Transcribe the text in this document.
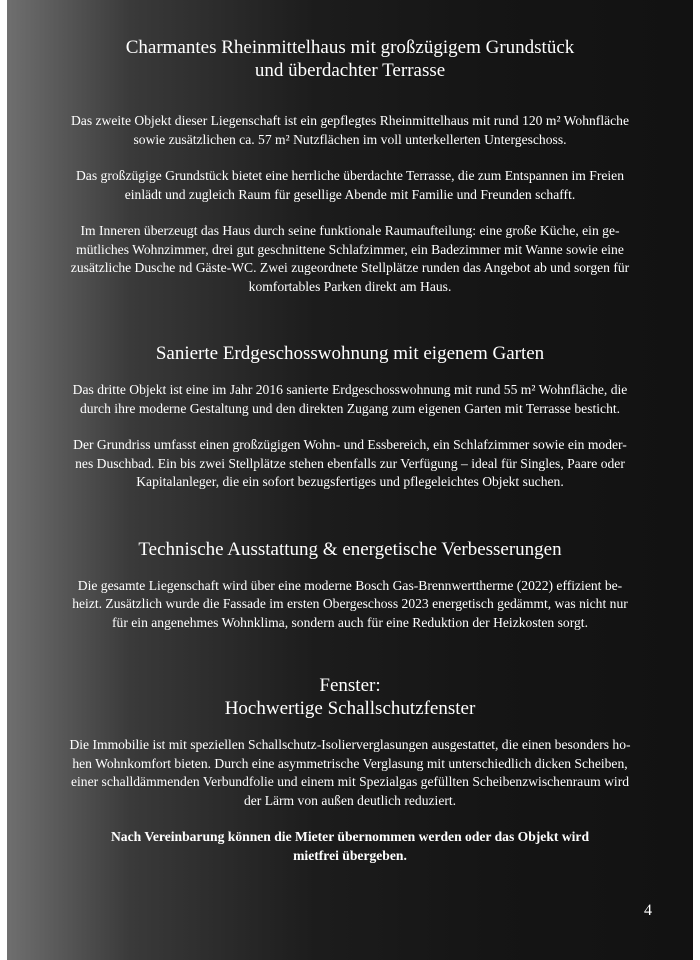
Charmantes Rheinmittelhaus mit großzügigem Grundstück
und überdachter Terrasse

Das zweite Objekt dieser Liegenschaft ist ein gepflegtes Rheinmittelhaus mit rund 120 m² Wohnfläche
sowie zusätzlichen ca. 57 m² Nutzflächen im voll unterkellerten Untergeschoss.

Das großzügige Grundstück bietet eine herrliche überdachte Terrasse, die zum Entspannen im Freien
einlädt und zugleich Raum für gesellige Abende mit Familie und Freunden schafft.

Im Inneren überzeugt das Haus durch seine funktionale Raumaufteilung: eine große Küche, ein ge-
mütliches Wohnzimmer, drei gut geschnittene Schlafzimmer, ein Badezimmer mit Wanne sowie eine
zusätzliche Dusche nd Gäste-WC. Zwei zugeordnete Stellplätze runden das Angebot ab und sorgen für
komfortables Parken direkt am Haus.

Sanierte Erdgeschosswohnung mit eigenem Garten

Das dritte Objekt ist eine im Jahr 2016 sanierte Erdgeschosswohnung mit rund 55 m² Wohnfläche, die
durch ihre moderne Gestaltung und den direkten Zugang zum eigenen Garten mit Terrasse besticht.

Der Grundriss umfasst einen großzügigen Wohn- und Essbereich, ein Schlafzimmer sowie ein moder-
nes Duschbad. Ein bis zwei Stellplätze stehen ebenfalls zur Verfügung – ideal für Singles, Paare oder
Kapitalanleger, die ein sofort bezugsfertiges und pflegeleichtes Objekt suchen.

Technische Ausstattung & energetische Verbesserungen

Die gesamte Liegenschaft wird über eine moderne Bosch Gas-Brennwerttherme (2022) effizient be-
heizt. Zusätzlich wurde die Fassade im ersten Obergeschoss 2023 energetisch gedämmt, was nicht nur
für ein angenehmes Wohnklima, sondern auch für eine Reduktion der Heizkosten sorgt.

Fenster:
Hochwertige Schallschutzfenster

Die Immobilie ist mit speziellen Schallschutz-Isolierverglasungen ausgestattet, die einen besonders ho-
hen Wohnkomfort bieten. Durch eine asymmetrische Verglasung mit unterschiedlich dicken Scheiben,
einer schalldämmenden Verbundfolie und einem mit Spezialgas gefüllten Scheibenzwischenraum wird
der Lärm von außen deutlich reduziert.

Nach Vereinbarung können die Mieter übernommen werden oder das Objekt wird
mietfrei übergeben.

4
